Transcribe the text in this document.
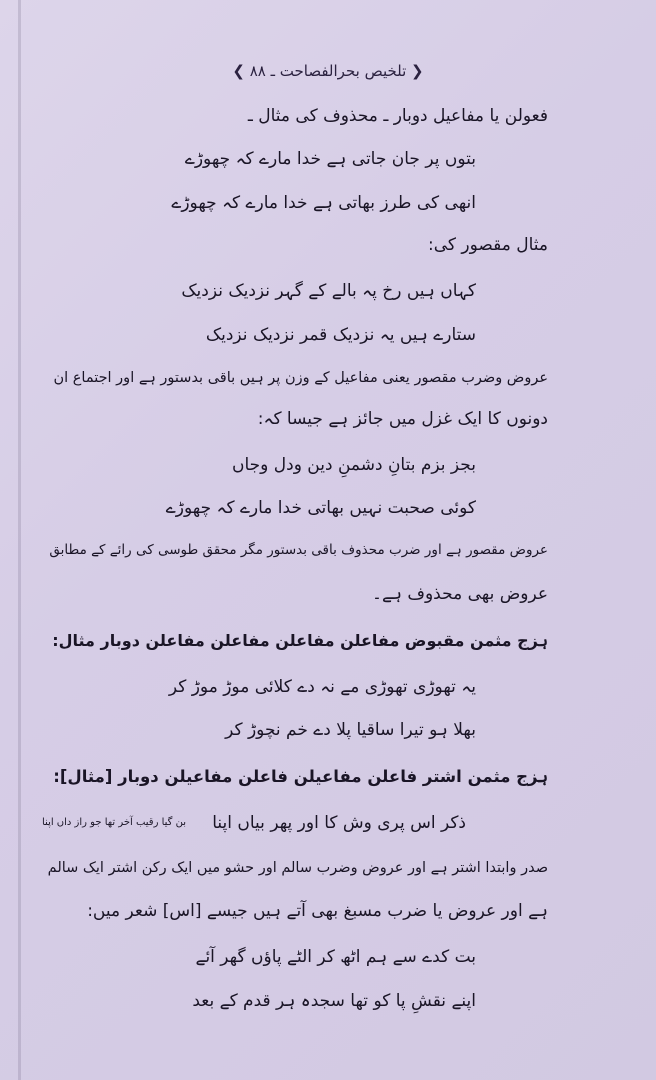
❮ تلخیص بحرالفصاحت ـ ۸۸ ❯
فعولن یا مفاعیل دوبار ـ محذوف کی مثال ـ
بتوں پر جان جاتی ہے خدا مارے کہ چھوڑے
انھی کی طرز بھاتی ہے خدا مارے کہ چھوڑے
مثال مقصور کی:
کہاں ہیں رخ پہ بالے کے گہر نزدیک نزدیک
ستارے ہیں یہ نزدیک قمر نزدیک نزدیک
عروض وضرب مقصور یعنی مفاعیل کے وزن پر ہیں باقی بدستور ہے اور اجتماع ان
دونوں کا ایک غزل میں جائز ہے جیسا کہ:
بجز بزم بتانِ دشمنِ دین ودل وجاں
کوئی صحبت نہیں بھاتی خدا مارے کہ چھوڑے
عروض مقصور ہے اور ضرب محذوف باقی بدستور مگر محقق طوسی کی رائے کے مطابق
عروض بھی محذوف ہے۔
ہزج مثمن مقبوض مفاعلن مفاعلن مفاعلن مفاعلن دوبار مثال:
یہ تھوڑی تھوڑی مے نہ دے کلائی موڑ موڑ کر
بھلا ہو تیرا ساقیا پلا دے خم نچوڑ کر
ہزج مثمن اشتر فاعلن مفاعیلن فاعلن مفاعیلن دوبار [مثال]:
ذکر اس پری وش کا اور پھر بیاں اپنا
بن گیا رقیب آخر تھا جو راز داں اپنا
صدر وابتدا اشتر ہے اور عروض وضرب سالم اور حشو میں ایک رکن اشتر ایک سالم
ہے اور عروض یا ضرب مسبغ بھی آتے ہیں جیسے [اس] شعر میں:
بت کدے سے ہم اٹھ کر الٹے پاؤں گھر آئے
اپنے نقشِ پا کو تھا سجدہ ہر قدم کے بعد
